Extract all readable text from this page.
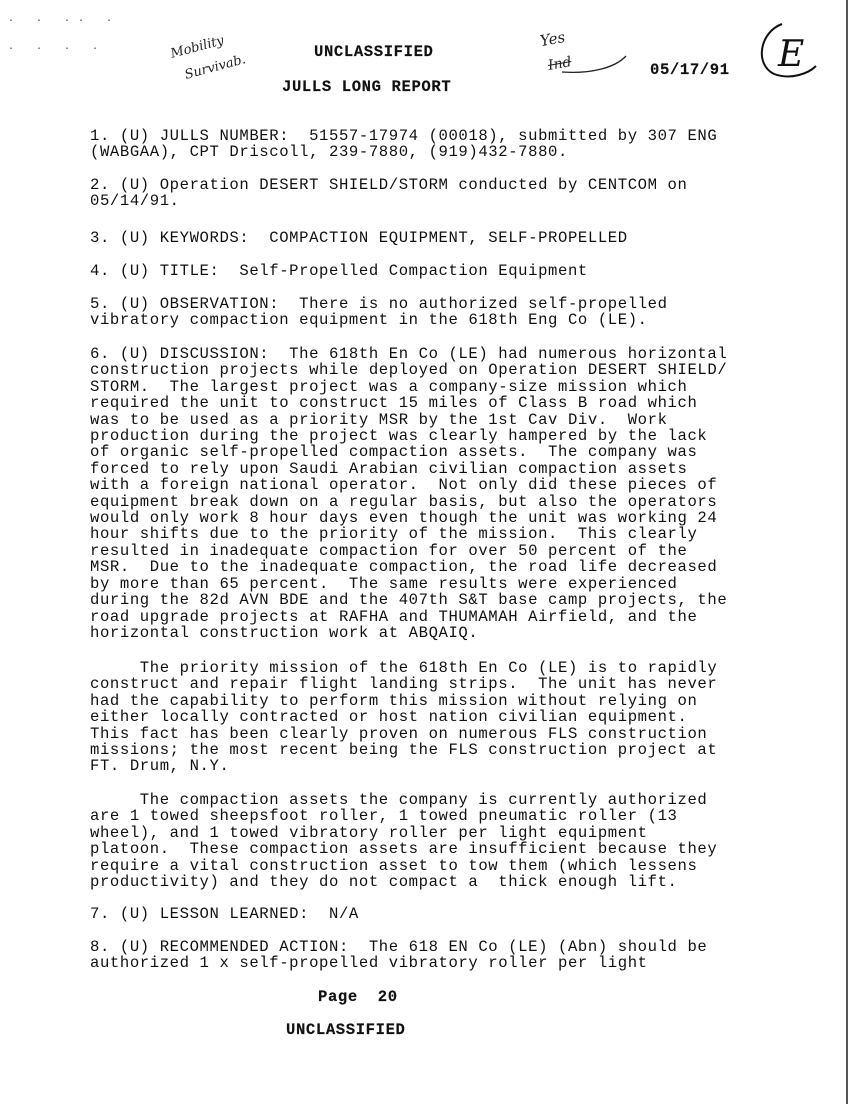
. . .. .
. . . .	Mobility
Survivab.
UNCLASSIFIED
JULLS LONG REPORT
Yes
Ind	05/17/91 E
1. (U) JULLS NUMBER:  51557-17974 (00018), submitted by 307 ENG
(WABGAA), CPT Driscoll, 239-7880, (919)432-7880.
2. (U) Operation DESERT SHIELD/STORM conducted by CENTCOM on
05/14/91.
3. (U) KEYWORDS:  COMPACTION EQUIPMENT, SELF-PROPELLED
4. (U) TITLE:  Self-Propelled Compaction Equipment
5. (U) OBSERVATION:  There is no authorized self-propelled
vibratory compaction equipment in the 618th Eng Co (LE).
6. (U) DISCUSSION:  The 618th En Co (LE) had numerous horizontal
construction projects while deployed on Operation DESERT SHIELD/
STORM.  The largest project was a company-size mission which
required the unit to construct 15 miles of Class B road which
was to be used as a priority MSR by the 1st Cav Div.  Work
production during the project was clearly hampered by the lack
of organic self-propelled compaction assets.  The company was
forced to rely upon Saudi Arabian civilian compaction assets
with a foreign national operator.  Not only did these pieces of
equipment break down on a regular basis, but also the operators
would only work 8 hour days even though the unit was working 24
hour shifts due to the priority of the mission.  This clearly
resulted in inadequate compaction for over 50 percent of the
MSR.  Due to the inadequate compaction, the road life decreased
by more than 65 percent.  The same results were experienced
during the 82d AVN BDE and the 407th S&T base camp projects, the
road upgrade projects at RAFHA and THUMAMAH Airfield, and the
horizontal construction work at ABQAIQ.
The priority mission of the 618th En Co (LE) is to rapidly
construct and repair flight landing strips.  The unit has never
had the capability to perform this mission without relying on
either locally contracted or host nation civilian equipment.
This fact has been clearly proven on numerous FLS construction
missions; the most recent being the FLS construction project at
FT. Drum, N.Y.
The compaction assets the company is currently authorized
are 1 towed sheepsfoot roller, 1 towed pneumatic roller (13
wheel), and 1 towed vibratory roller per light equipment
platoon.  These compaction assets are insufficient because they
require a vital construction asset to tow them (which lessens
productivity) and they do not compact a  thick enough lift.
7. (U) LESSON LEARNED:  N/A
8. (U) RECOMMENDED ACTION:  The 618 EN Co (LE) (Abn) should be
authorized 1 x self-propelled vibratory roller per light
Page  20
UNCLASSIFIED
